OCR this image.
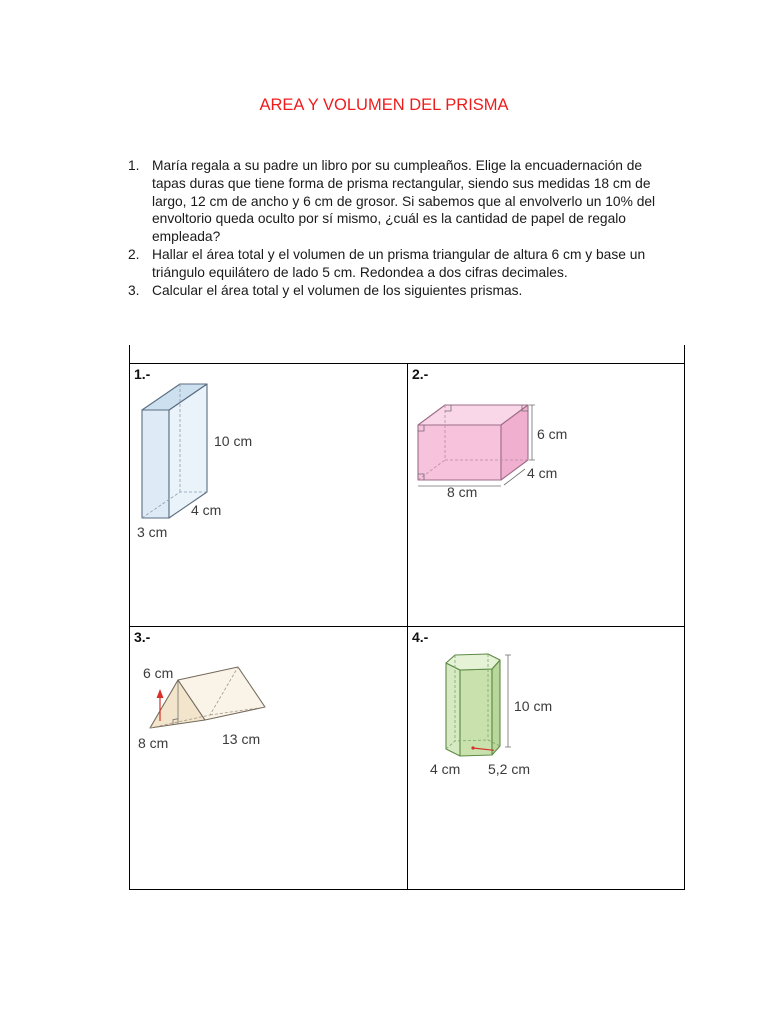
AREA Y VOLUMEN DEL PRISMA
1. María regala a su padre un libro por su cumpleaños. Elige la encuadernación de
tapas duras que tiene forma de prisma rectangular, siendo sus medidas 18 cm de
largo, 12 cm de ancho y 6 cm de grosor. Si sabemos que al envolverlo un 10% del
envoltorio queda oculto por sí mismo, ¿cuál es la cantidad de papel de regalo
empleada?
2. Hallar el área total y el volumen de un prisma triangular de altura 6 cm y base un
triángulo equilátero de lado 5 cm. Redondea a dos cifras decimales.
3. Calcular el área total y el volumen de los siguientes prismas.
1.-
10 cm
4 cm
3 cm
2.-
6 cm
4 cm
8 cm
3.-
6 cm
8 cm	13 cm
4.-
10 cm
4 cm 5,2 cm
